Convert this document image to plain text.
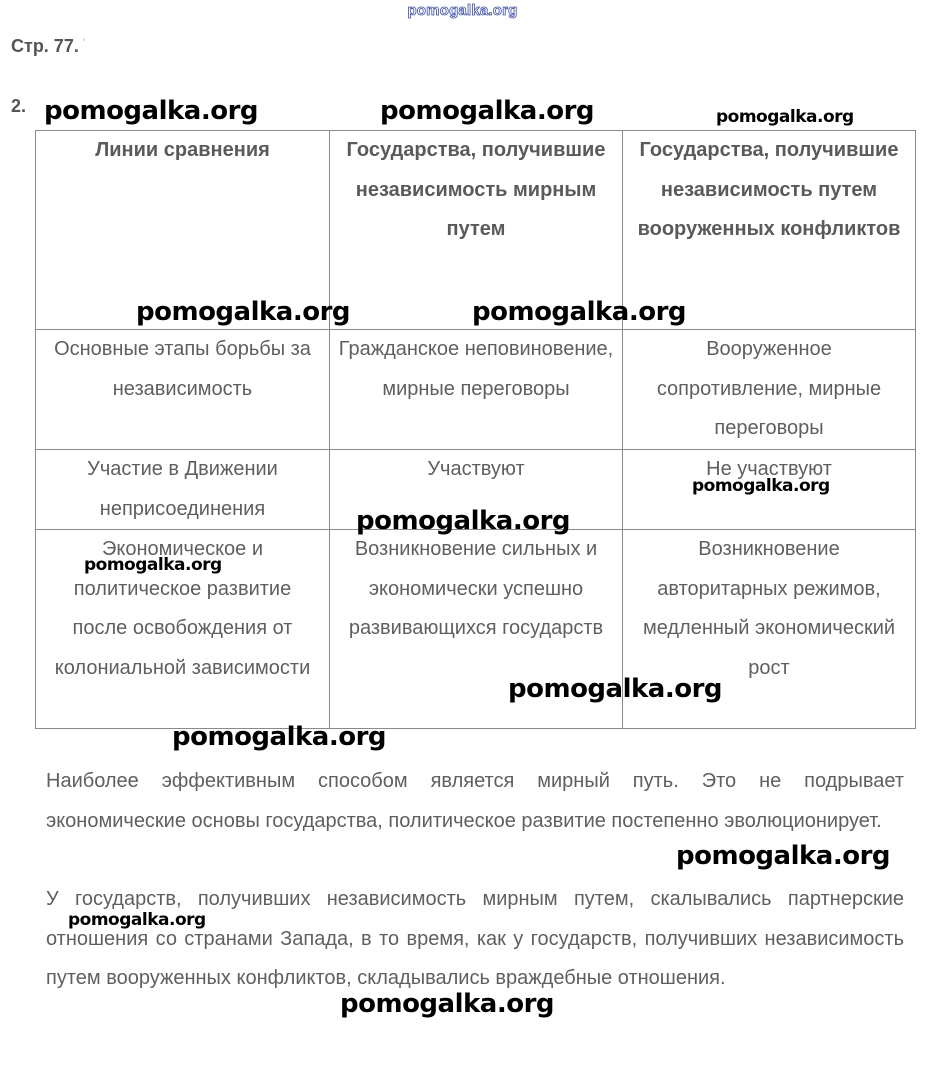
pomogalka.org
Стр. 77. '
2.
Линии сравнения	Государства, получившие независимость мирным путем	Государства, получившие независимость путем вооруженных конфликтов
Основные этапы борьбы за независимость	Гражданское неповиновение, мирные переговоры	Вооруженное сопротивление, мирные переговоры
Участие в Движении неприсоединения	Участвуют	Не участвуют
Экономическое и политическое развитие после освобождения от колониальной зависимости	Возникновение сильных и экономически успешно развивающихся государств	Возникновение авторитарных режимов, медленный экономический рост

Наиболее эффективным способом является мирный путь. Это не подрывает экономические основы государства, политическое развитие постепенно эволюционирует.

У государств, получивших независимость мирным путем, скалывались партнерские отношения со странами Запада, в то время, как у государств, получивших независимость путем вооруженных конфликтов, складывались враждебные отношения.

pomogalka.org	pomogalka.org	pomogalka.org
pomogalka.org	pomogalka.org
pomogalka.org
pomogalka.org
pomogalka.org
pomogalka.org
pomogalka.org
pomogalka.org
pomogalka.org
pomogalka.org
